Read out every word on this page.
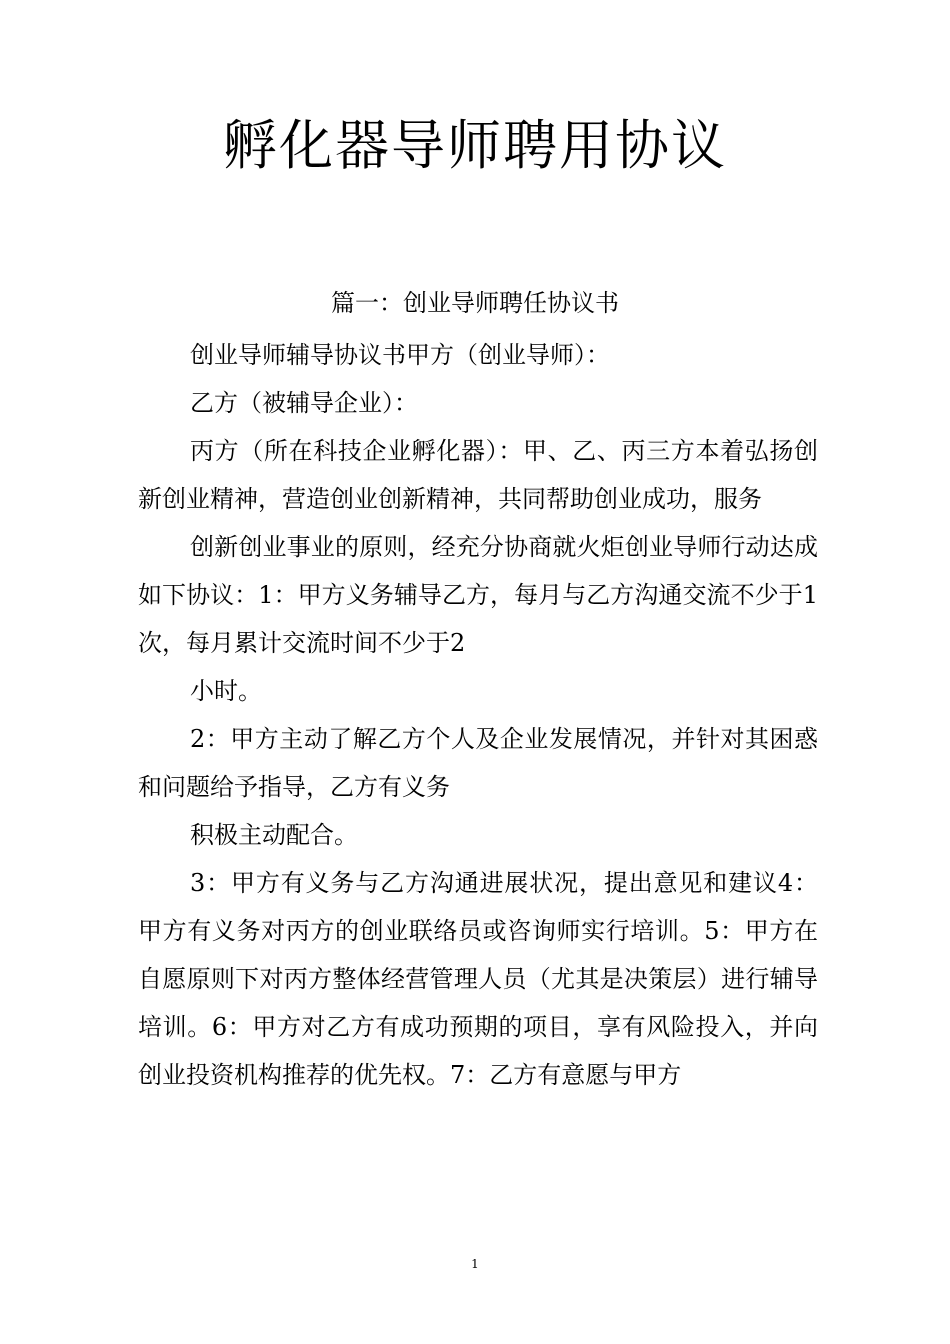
孵化器导师聘用协议
篇一：创业导师聘任协议书

创业导师辅导协议书甲方（创业导师）：

乙方（被辅导企业）：

丙方（所在科技企业孵化器）：甲、乙、丙三方本着弘扬创新创业精神，营造创业创新精神，共同帮助创业成功，服务

创新创业事业的原则，经充分协商就火炬创业导师行动达成如下协议：1：甲方义务辅导乙方，每月与乙方沟通交流不少于1次，每月累计交流时间不少于2

小时。

2：甲方主动了解乙方个人及企业发展情况，并针对其困惑和问题给予指导，乙方有义务

积极主动配合。

3：甲方有义务与乙方沟通进展状况，提出意见和建议4：甲方有义务对丙方的创业联络员或咨询师实行培训。5：甲方在自愿原则下对丙方整体经营管理人员（尤其是决策层）进行辅导培训。6：甲方对乙方有成功预期的项目，享有风险投入，并向创业投资机构推荐的优先权。7：乙方有意愿与甲方

1
